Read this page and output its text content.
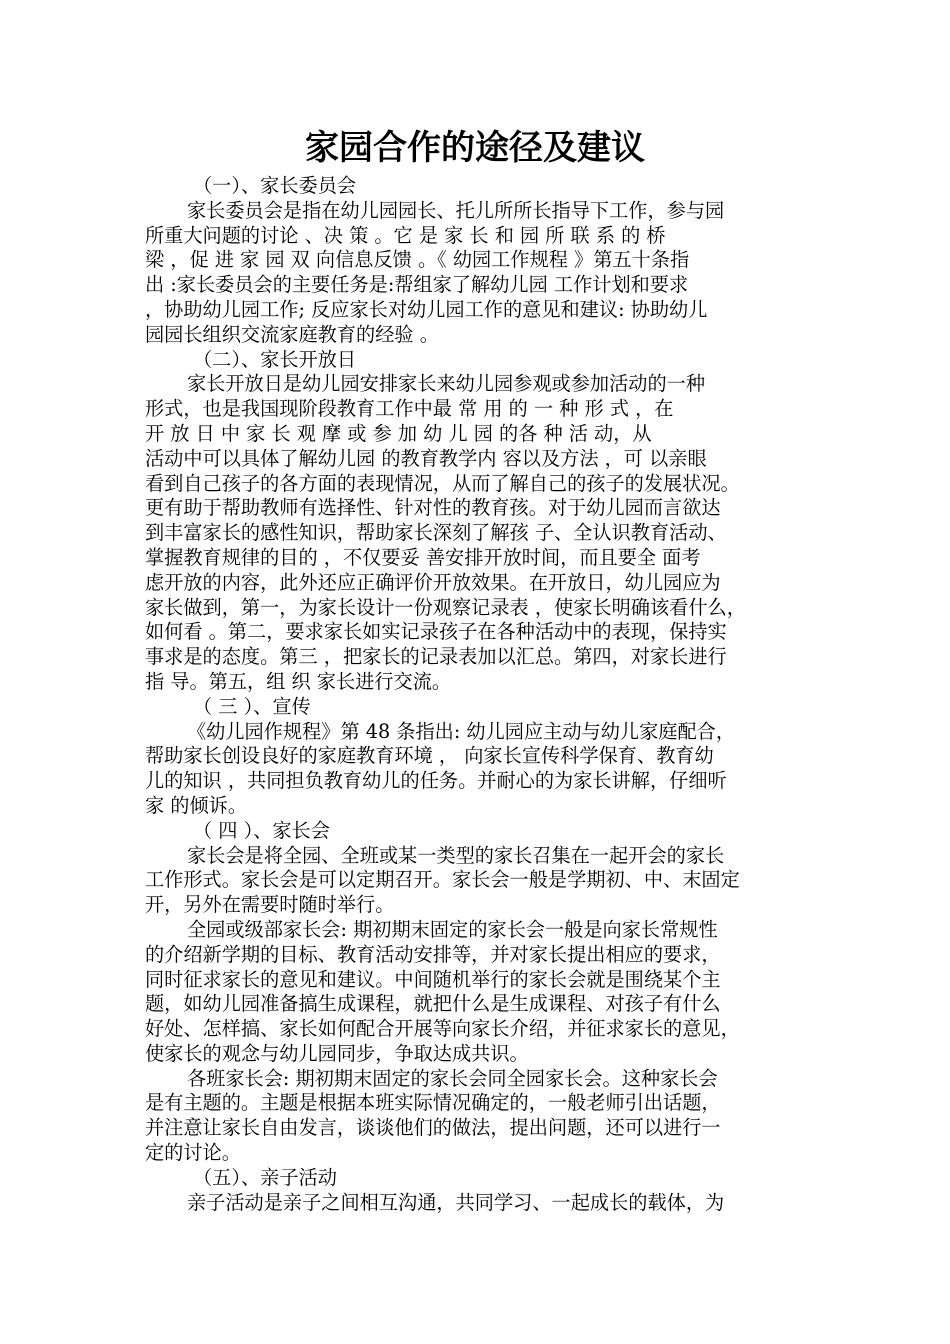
家园合作的途径及建议
（一）、家长委员会
家长委员会是指在幼儿园园长、托儿所所长指导下工作，参与园
所重大问题的讨论 、决 策 。它 是 家 长 和 园 所 联 系 的 桥
梁 ，促 进 家 园 双 向信息反馈 。《 幼园工作规程 》第五十条指
出 :家长委员会的主要任务是:帮组家了解幼儿园 工作计划和要求
，协助幼儿园工作; 反应家长对幼儿园工作的意见和建议: 协助幼儿
园园长组织交流家庭教育的经验 。
（二）、家长开放日
家长开放日是幼儿园安排家长来幼儿园参观或参加活动的一种
形式，也是我国现阶段教育工作中最 常 用 的 一 种 形 式 ，在
开 放 日 中 家 长 观 摩 或 参 加 幼 儿 园 的各 种 活 动，从
活动中可以具体了解幼儿园 的教育教学内 容以及方法 ，可 以亲眼
看到自己孩子的各方面的表现情况，从而了解自己的孩子的发展状况。
更有助于帮助教师有选择性、针对性的教育孩。对于幼儿园而言欲达
到丰富家长的感性知识，帮助家长深刻了解孩 子、全认识教育活动、
掌握教育规律的目的 ，不仅要妥 善安排开放时间，而且要全 面考
虑开放的内容，此外还应正确评价开放效果。在开放日，幼儿园应为
家长做到，第一，为家长设计一份观察记录表 ，使家长明确该看什么，
如何看 。第二，要求家长如实记录孩子在各种活动中的表现，保持实
事求是的态度。第三 ，把家长的记录表加以汇总。第四，对家长进行
指 导。第五，组 织 家长进行交流。
（ 三 ）、宣传
《幼儿园作规程》第 48 条指出: 幼儿园应主动与幼儿家庭配合，
帮助家长创设良好的家庭教育环境 ， 向家长宣传科学保育、教育幼
儿的知识 ，共同担负教育幼儿的任务。并耐心的为家长讲解，仔细听
家 的倾诉。
（ 四 ）、家长会
家长会是将全园、全班或某一类型的家长召集在一起开会的家长
工作形式。家长会是可以定期召开。家长会一般是学期初、中、末固定
开，另外在需要时随时举行。
全园或级部家长会: 期初期末固定的家长会一般是向家长常规性
的介绍新学期的目标、教育活动安排等，并对家长提出相应的要求，
同时征求家长的意见和建议。中间随机举行的家长会就是围绕某个主
题，如幼儿园准备搞生成课程，就把什么是生成课程、对孩子有什么
好处、怎样搞、家长如何配合开展等向家长介绍，并征求家长的意见，
使家长的观念与幼儿园同步，争取达成共识。
各班家长会: 期初期末固定的家长会同全园家长会。这种家长会
是有主题的。主题是根据本班实际情况确定的，一般老师引出话题，
并注意让家长自由发言，谈谈他们的做法，提出问题，还可以进行一
定的讨论。
（五）、亲子活动
亲子活动是亲子之间相互沟通，共同学习、一起成长的载体，为
